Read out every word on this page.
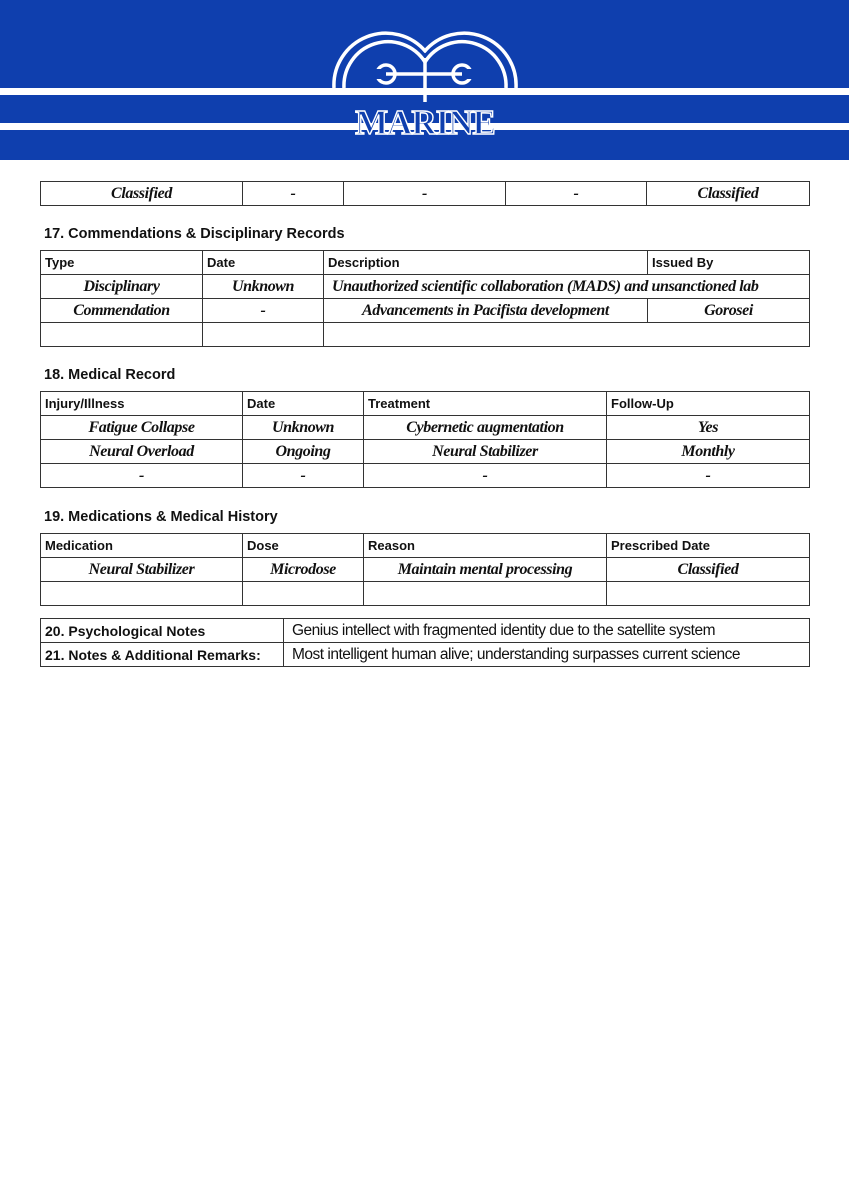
MARINE
Classified	-	-	-	Classified
17. Commendations & Disciplinary Records
Type	Date	Description	Issued By
Disciplinary	Unknown	Unauthorized scientific collaboration (MADS) and unsanctioned lab	
Commendation	-	Advancements in Pacifista development	Gorosei

18. Medical Record
Injury/Illness	Date	Treatment	Follow-Up
Fatigue Collapse	Unknown	Cybernetic augmentation	Yes
Neural Overload	Ongoing	Neural Stabilizer	Monthly
-	-	-	-
19. Medications & Medical History
Medication	Dose	Reason	Prescribed Date
Neural Stabilizer	Microdose	Maintain mental processing	Classified

20. Psychological Notes	Genius intellect with fragmented identity due to the satellite system
21. Notes & Additional Remarks:	Most intelligent human alive; understanding surpasses current science
